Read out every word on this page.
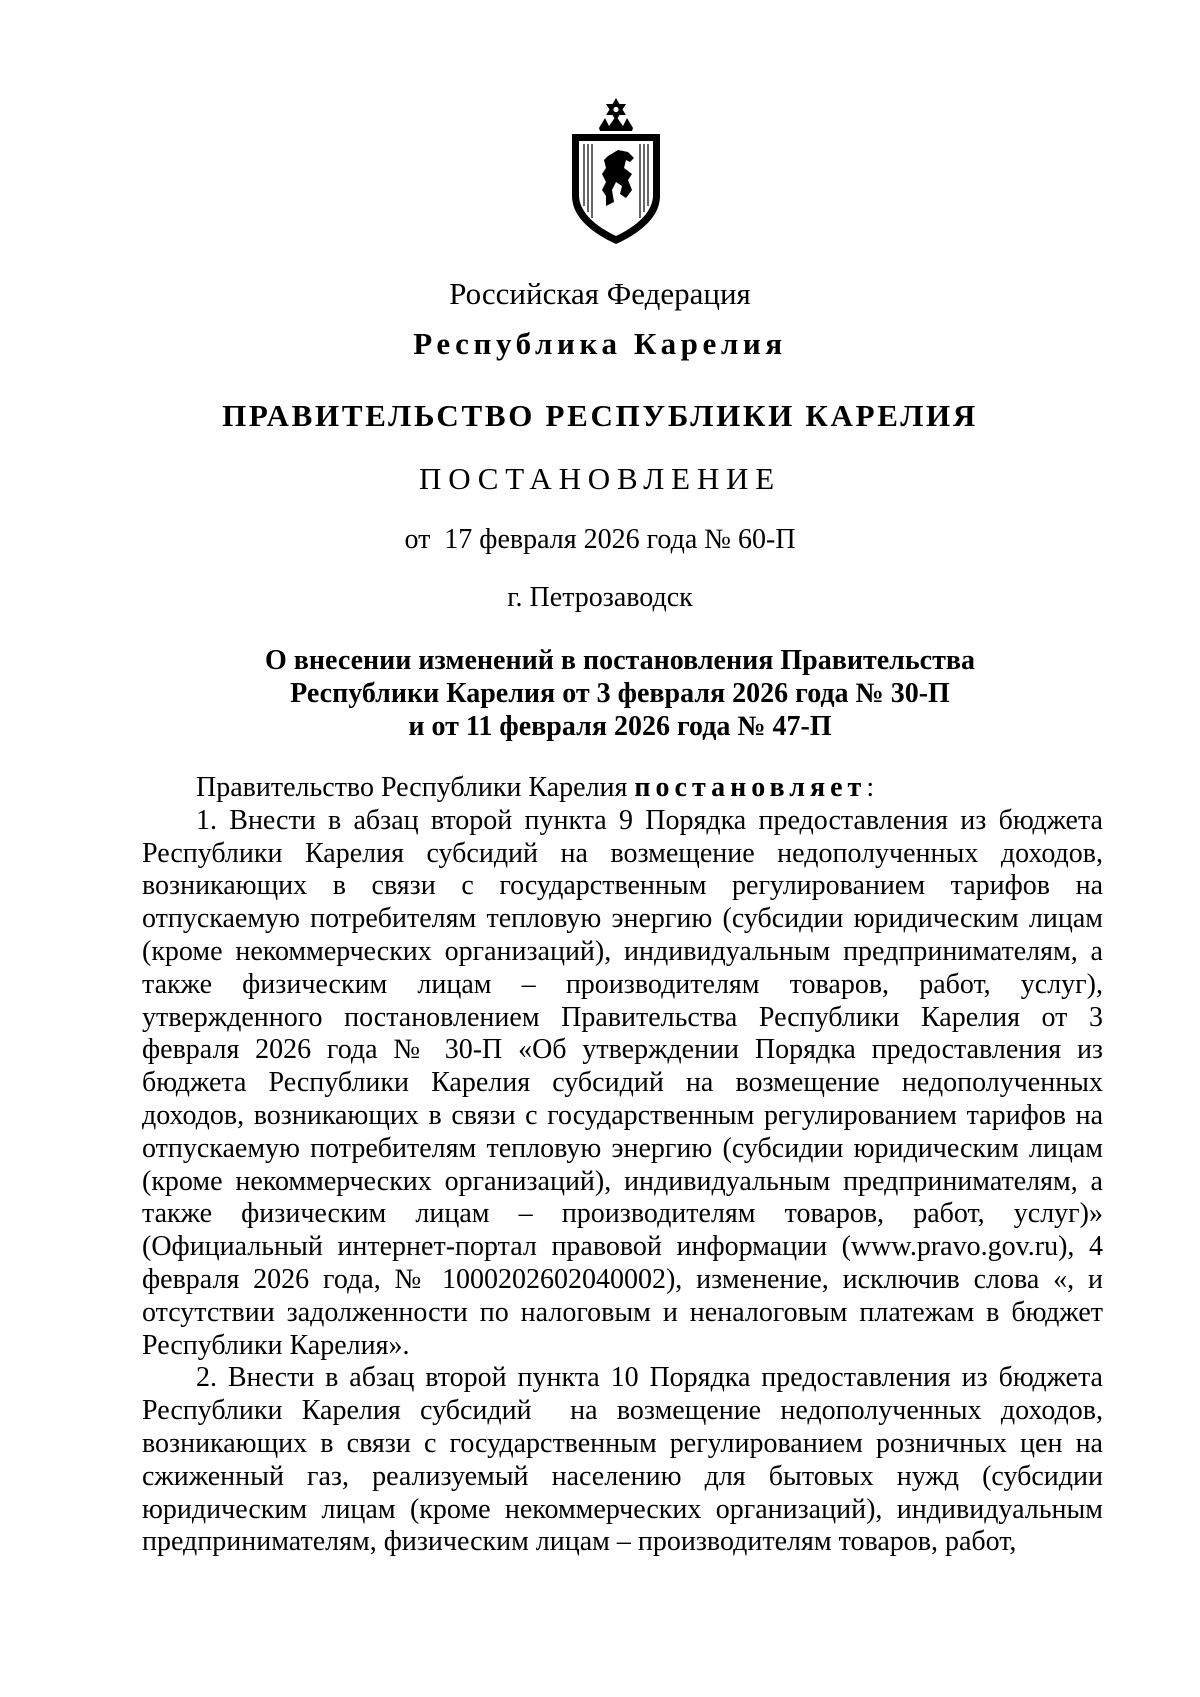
Российская Федерация
Республика Карелия
ПРАВИТЕЛЬСТВО РЕСПУБЛИКИ КАРЕЛИЯ
ПОСТАНОВЛЕНИЕ
от  17 февраля 2026 года № 60-П
г. Петрозаводск
О внесении изменений в постановления Правительства
Республики Карелия от 3 февраля 2026 года № 30-П
и от 11 февраля 2026 года № 47-П

Правительство Республики Карелия постановляет:

1. Внести в абзац второй пункта 9 Порядка предоставления из бюджета Республики Карелия субсидий на возмещение недополученных доходов, возникающих в связи с государственным регулированием тарифов на отпускаемую потребителям тепловую энергию (субсидии юридическим лицам (кроме некоммерческих организаций), индивидуальным предпринимателям, а также физическим лицам – производителям товаров, работ, услуг), утвержденного постановлением Правительства Республики Карелия от 3 февраля 2026 года № 30-П «Об утверждении Порядка предоставления из бюджета Республики Карелия субсидий на возмещение недополученных доходов, возникающих в связи с государственным регулированием тарифов на отпускаемую потребителям тепловую энергию (субсидии юридическим лицам (кроме некоммерческих организаций), индивидуальным предпринимателям, а также физическим лицам – производителям товаров, работ, услуг)» (Официальный интернет-портал правовой информации (www.pravo.gov.ru), 4 февраля 2026 года, № 1000202602040002), изменение, исключив слова «, и отсутствии задолженности по налоговым и неналоговым платежам в бюджет Республики Карелия».

2. Внести в абзац второй пункта 10 Порядка предоставления из бюджета Республики Карелия субсидий  на возмещение недополученных доходов, возникающих в связи с государственным регулированием розничных цен на сжиженный газ, реализуемый населению для бытовых нужд (субсидии юридическим лицам (кроме некоммерческих организаций), индивидуальным предпринимателям, физическим лицам – производителям товаров, работ,
